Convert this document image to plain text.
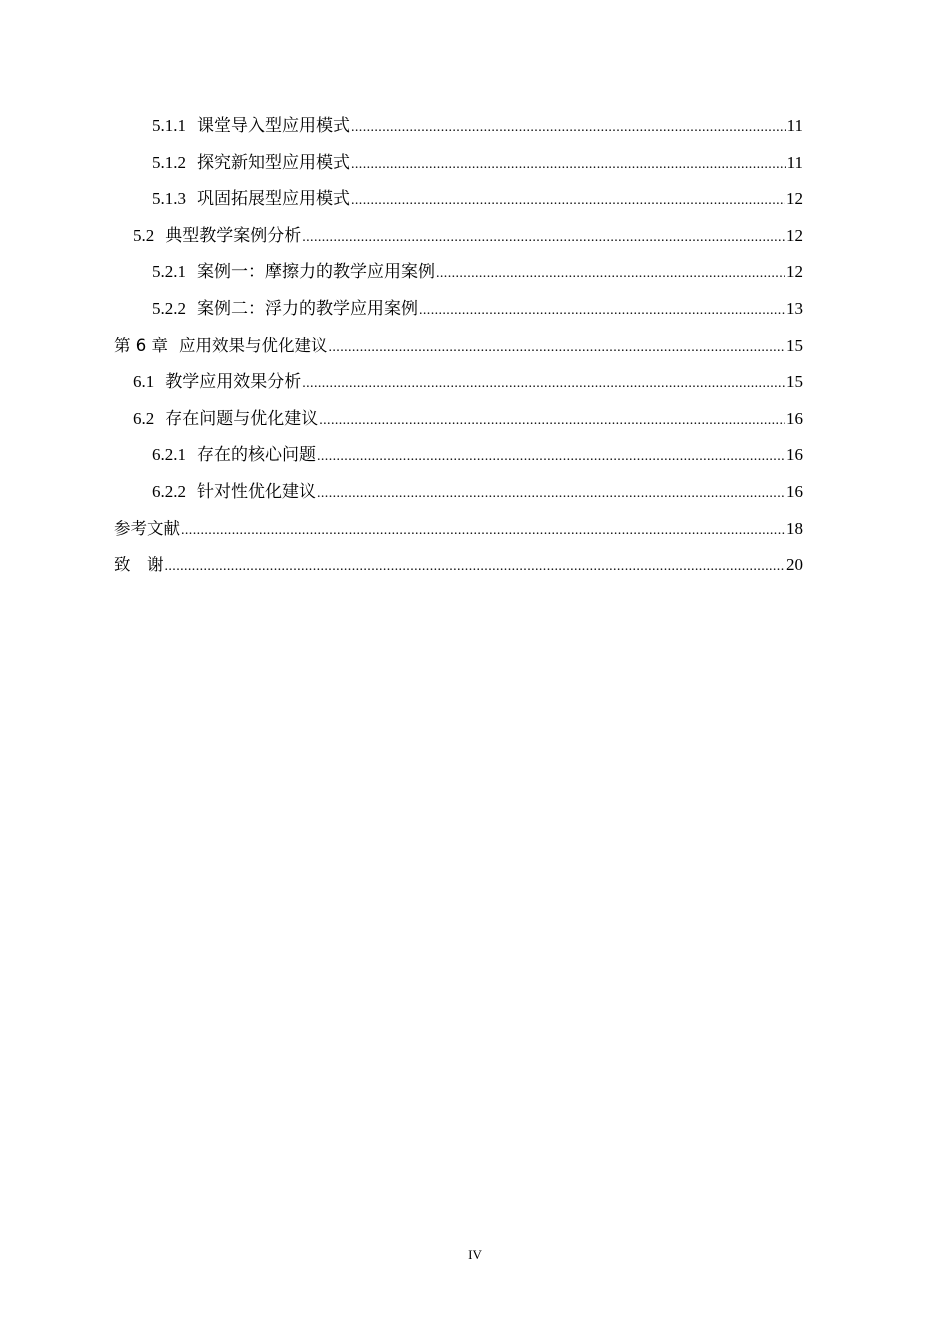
5.1.1 课堂导入型应用模式 .....	11
5.1.2 探究新知型应用模式 .....	11
5.1.3 巩固拓展型应用模式 .....	12
5.2 典型教学案例分析 .....	12
5.2.1 案例一：摩擦力的教学应用案例 .....	12
5.2.2 案例二：浮力的教学应用案例 .....	13
第 6 章 应用效果与优化建议 .....	15
6.1 教学应用效果分析 .....	15
6.2 存在问题与优化建议 .....	16
6.2.1 存在的核心问题 .....	16
6.2.2 针对性优化建议 .....	16
参考文献 .....	18
致　谢 .....	20
IV
